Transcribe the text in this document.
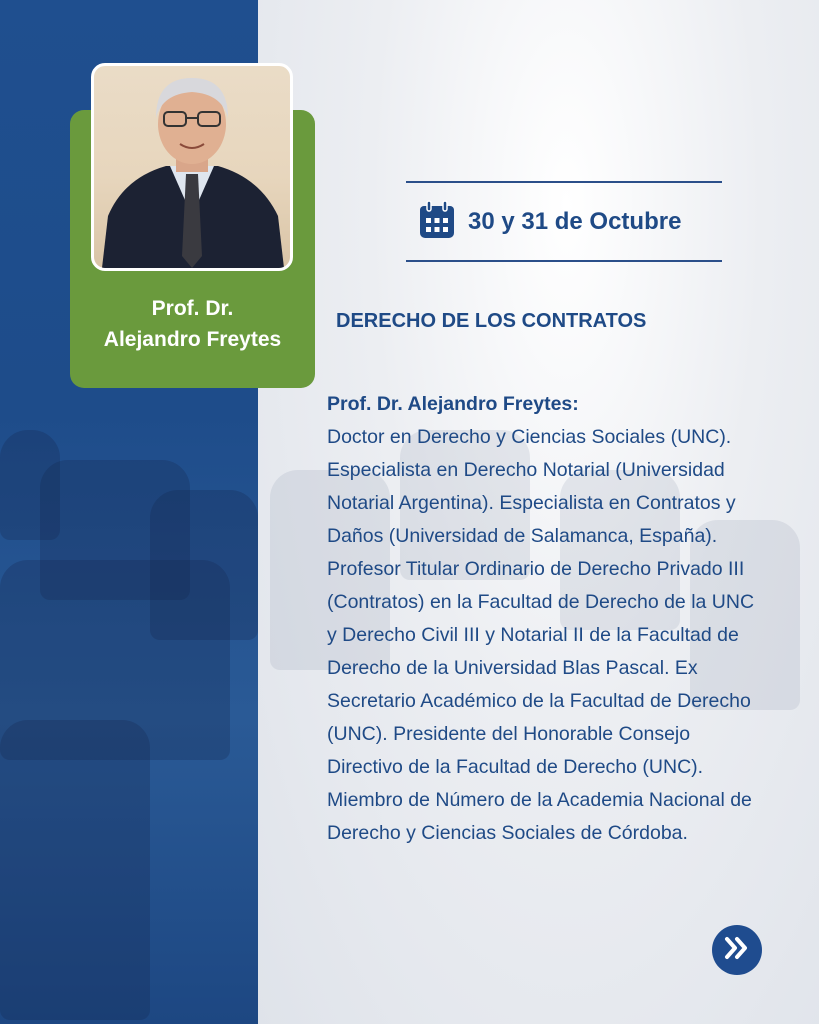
Prof. Dr.
Alejandro Freytes
30 y 31 de Octubre
DERECHO DE LOS CONTRATOS
Prof. Dr. Alejandro Freytes:
Doctor en Derecho y Ciencias Sociales (UNC). Especialista en Derecho Notarial (Universidad Notarial Argentina). Especialista en Contratos y Daños (Universidad de Salamanca, España). Profesor Titular Ordinario de Derecho Privado III (Contratos) en la Facultad de Derecho de la UNC y Derecho Civil III y Notarial II de la Facultad de Derecho de la Universidad Blas Pascal. Ex Secretario Académico de la Facultad de Derecho (UNC). Presidente del Honorable Consejo Directivo de la Facultad de Derecho (UNC). Miembro de Número de la Academia Nacional de Derecho y Ciencias Sociales de Córdoba.
